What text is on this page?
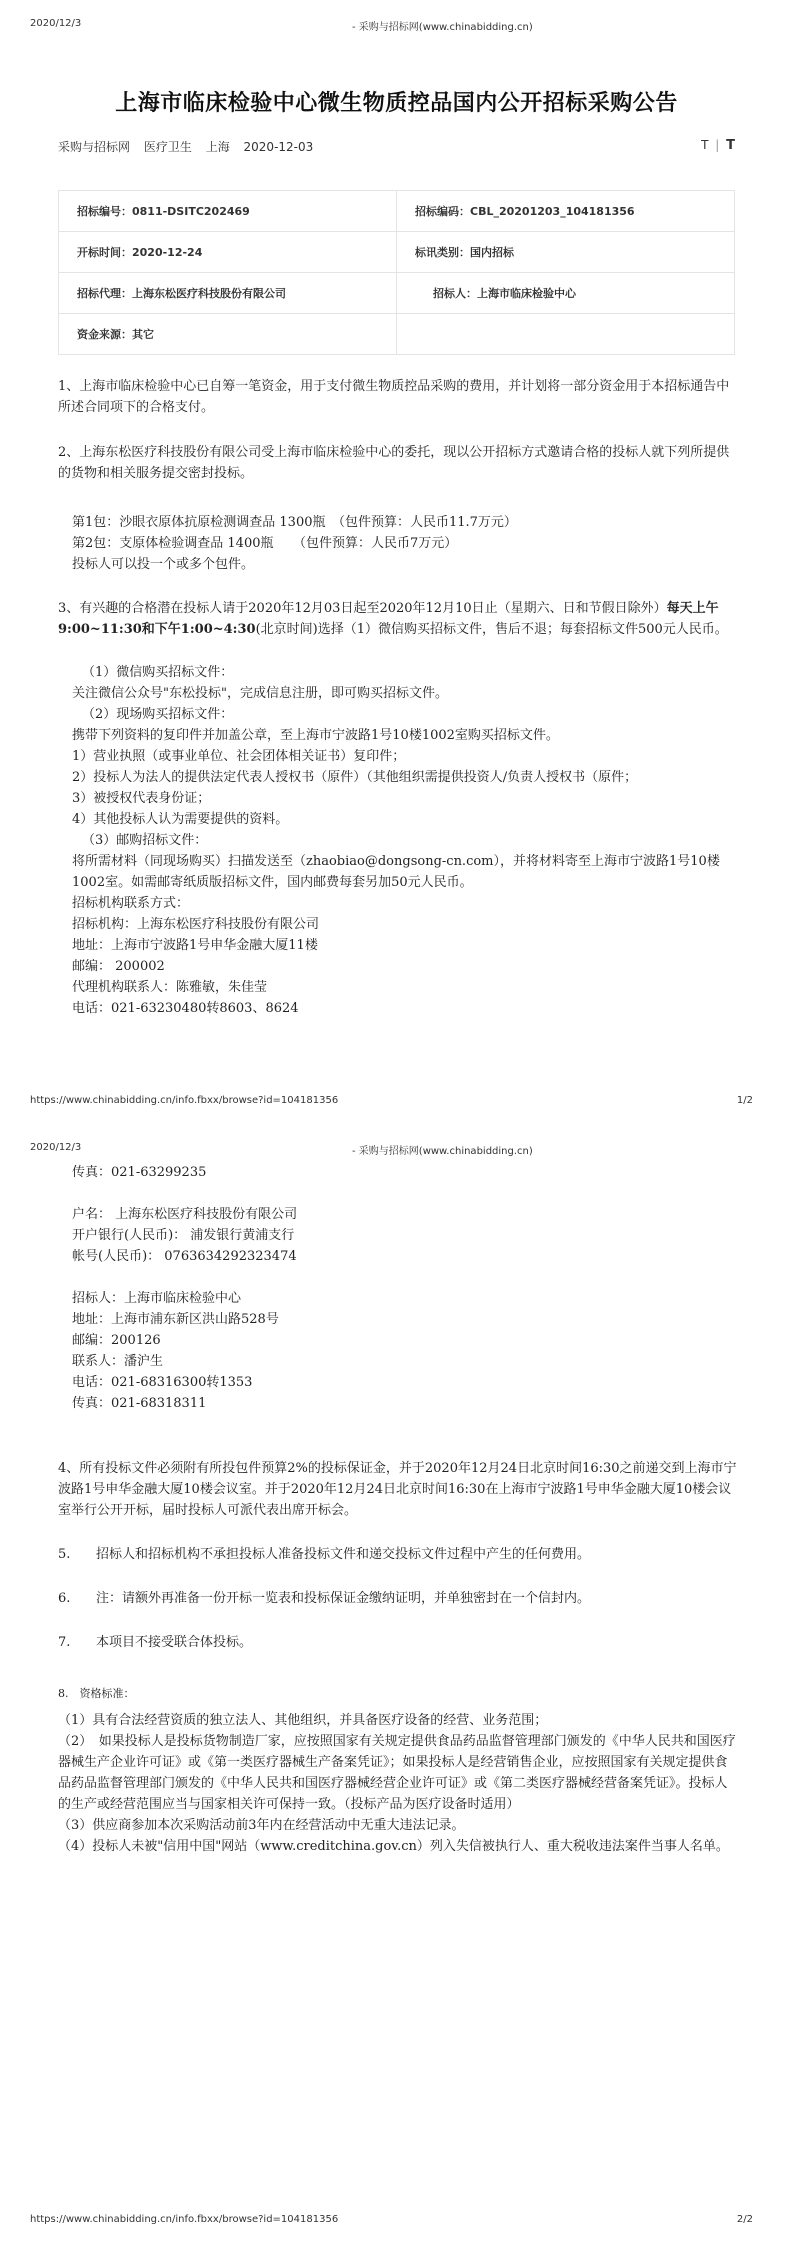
2020/12/3	- 采购与招标网(www.chinabidding.cn)
上海市临床检验中心微生物质控品国内公开招标采购公告
采购与招标网 医疗卫生 上海 2020-12-03	T | T
招标编号：0811-DSITC202469	招标编码：CBL_20201203_104181356
开标时间：2020-12-24	标讯类别：国内招标
招标代理：上海东松医疗科技股份有限公司	招标人：上海市临床检验中心
资金来源：其它	

1、上海市临床检验中心已自筹一笔资金，用于支付微生物质控品采购的费用，并计划将一部分资金用于本招标通告中所述合同项下的合格支付。

2、上海东松医疗科技股份有限公司受上海市临床检验中心的委托，现以公开招标方式邀请合格的投标人就下列所提供的货物和相关服务提交密封投标。

第1包：沙眼衣原体抗原检测调查品 1300瓶　（包件预算：人民币11.7万元）

第2包：支原体检验调查品 1400瓶　　（包件预算：人民币7万元）

投标人可以投一个或多个包件。

3、有兴趣的合格潜在投标人请于2020年12月03日起至2020年12月10日止（星期六、日和节假日除外）每天上午9:00~11:30和下午1:00~4:30(北京时间)选择（1）微信购买招标文件，售后不退；每套招标文件500元人民币。

（1）微信购买招标文件：

关注微信公众号"东松投标"，完成信息注册，即可购买招标文件。

（2）现场购买招标文件：

携带下列资料的复印件并加盖公章，至上海市宁波路1号10楼1002室购买招标文件。

1）营业执照（或事业单位、社会团体相关证书）复印件；

2）投标人为法人的提供法定代表人授权书（原件）（其他组织需提供投资人/负责人授权书（原件；

3）被授权代表身份证；

4）其他投标人认为需要提供的资料。

（3）邮购招标文件：

将所需材料（同现场购买）扫描发送至（zhaobiao@dongsong-cn.com），并将材料寄至上海市宁波路1号10楼1002室。如需邮寄纸质版招标文件，国内邮费每套另加50元人民币。

招标机构联系方式：

招标机构：上海东松医疗科技股份有限公司

地址：上海市宁波路1号申华金融大厦11楼

邮编： 200002

代理机构联系人：陈雅敏，朱佳莹

电话：021-63230480转8603、8624

https://www.chinabidding.cn/info.fbxx/browse?id=104181356	1/2
2020/12/3	- 采购与招标网(www.chinabidding.cn)

传真：021-63299235

户名： 上海东松医疗科技股份有限公司

开户银行(人民币)： 浦发银行黄浦支行

帐号(人民币)： 0763634292323474

招标人：上海市临床检验中心

地址：上海市浦东新区洪山路528号

邮编：200126

联系人：潘沪生

电话：021-68316300转1353

传真：021-68318311

4、所有投标文件必须附有所投包件预算2%的投标保证金，并于2020年12月24日北京时间16:30之前递交到上海市宁波路1号申华金融大厦10楼会议室。并于2020年12月24日北京时间16:30在上海市宁波路1号申华金融大厦10楼会议室举行公开开标，届时投标人可派代表出席开标会。

5. 招标人和招标机构不承担投标人准备投标文件和递交投标文件过程中产生的任何费用。

6. 注：请额外再准备一份开标一览表和投标保证金缴纳证明，并单独密封在一个信封内。

7. 本项目不接受联合体投标。

8.　资格标准：

（1）具有合法经营资质的独立法人、其他组织，并具备医疗设备的经营、业务范围；

（2）　如果投标人是投标货物制造厂家，应按照国家有关规定提供食品药品监督管理部门颁发的《中华人民共和国医疗器械生产企业许可证》或《第一类医疗器械生产备案凭证》；如果投标人是经营销售企业，应按照国家有关规定提供食品药品监督管理部门颁发的《中华人民共和国医疗器械经营企业许可证》或《第二类医疗器械经营备案凭证》。投标人的生产或经营范围应当与国家相关许可保持一致。（投标产品为医疗设备时适用）

（3）供应商参加本次采购活动前3年内在经营活动中无重大违法记录。

（4）投标人未被"信用中国"网站（www.creditchina.gov.cn）列入失信被执行人、重大税收违法案件当事人名单。

https://www.chinabidding.cn/info.fbxx/browse?id=104181356	2/2
